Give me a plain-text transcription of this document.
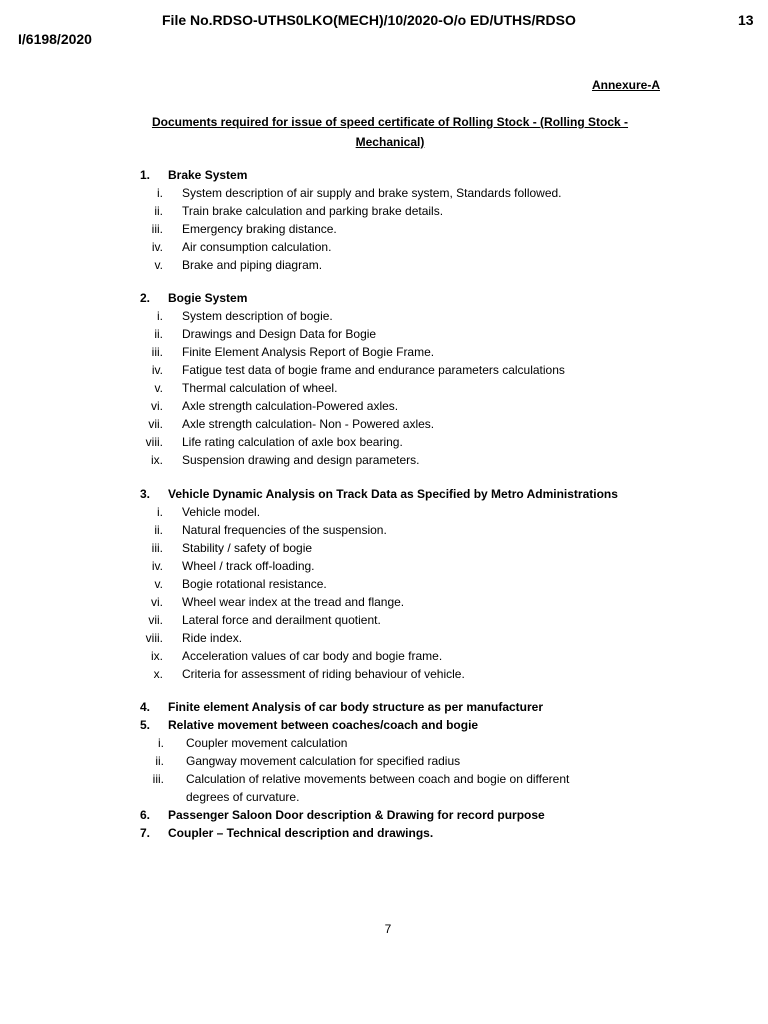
File No.RDSO-UTHS0LKO(MECH)/10/2020-O/o ED/UTHS/RDSO	13
I/6198/2020
Annexure-A
Documents required for issue of speed certificate of Rolling Stock - (Rolling Stock -
Mechanical)
1. Brake System
i. System description of air supply and brake system, Standards followed.
ii. Train brake calculation and parking brake details.
iii. Emergency braking distance.
iv. Air consumption calculation.
v. Brake and piping diagram.
2. Bogie System
i. System description of bogie.
ii. Drawings and Design Data for Bogie
iii. Finite Element Analysis Report of Bogie Frame.
iv. Fatigue test data of bogie frame and endurance parameters calculations
v. Thermal calculation of wheel.
vi. Axle strength calculation-Powered axles.
vii. Axle strength calculation- Non - Powered axles.
viii. Life rating calculation of axle box bearing.
ix. Suspension drawing and design parameters.
3. Vehicle Dynamic Analysis on Track Data as Specified by Metro Administrations
i. Vehicle model.
ii. Natural frequencies of the suspension.
iii. Stability / safety of bogie
iv. Wheel / track off-loading.
v. Bogie rotational resistance.
vi. Wheel wear index at the tread and flange.
vii. Lateral force and derailment quotient.
viii. Ride index.
ix. Acceleration values of car body and bogie frame.
x. Criteria for assessment of riding behaviour of vehicle.
4. Finite element Analysis of car body structure as per manufacturer
5. Relative movement between coaches/coach and bogie
i. Coupler movement calculation
ii. Gangway movement calculation for specified radius
iii. Calculation of relative movements between coach and bogie on different
degrees of curvature.
6. Passenger Saloon Door description & Drawing for record purpose
7. Coupler – Technical description and drawings.
7
